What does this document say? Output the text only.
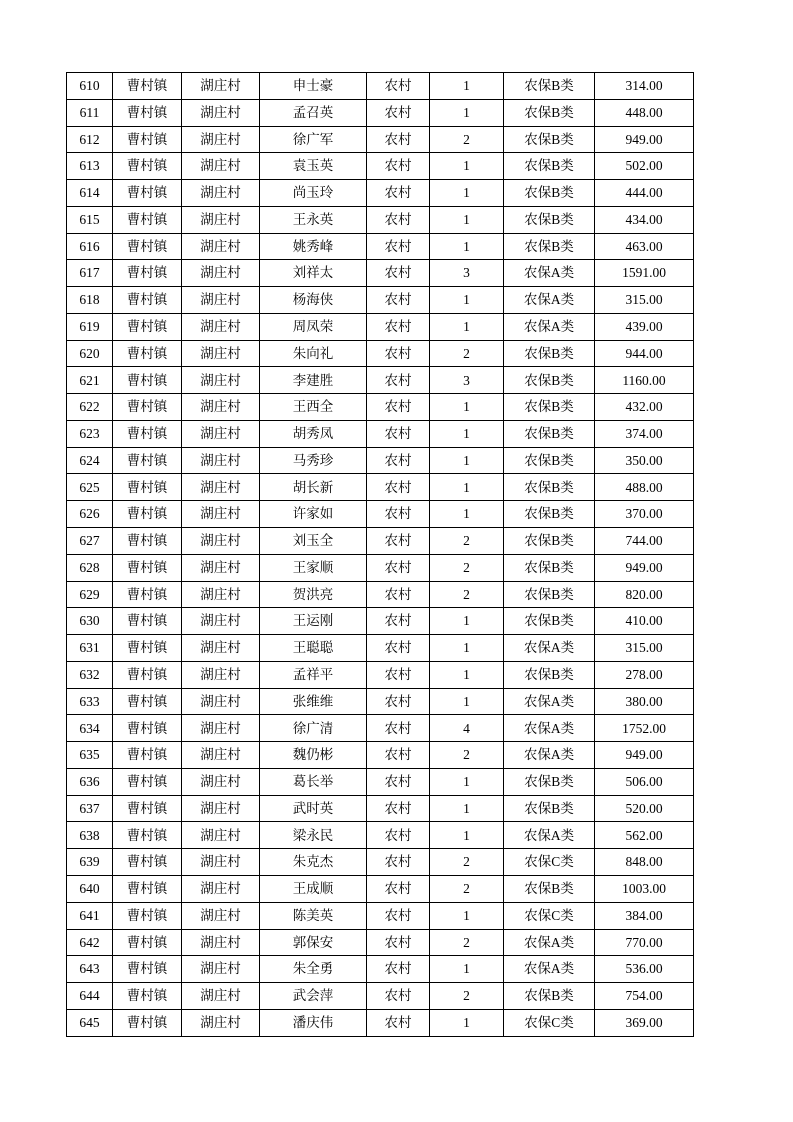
610	曹村镇	湖庄村	申士豪	农村	1	农保B类	314.00
611	曹村镇	湖庄村	孟召英	农村	1	农保B类	448.00
612	曹村镇	湖庄村	徐广军	农村	2	农保B类	949.00
613	曹村镇	湖庄村	袁玉英	农村	1	农保B类	502.00
614	曹村镇	湖庄村	尚玉玲	农村	1	农保B类	444.00
615	曹村镇	湖庄村	王永英	农村	1	农保B类	434.00
616	曹村镇	湖庄村	姚秀峰	农村	1	农保B类	463.00
617	曹村镇	湖庄村	刘祥太	农村	3	农保A类	1591.00
618	曹村镇	湖庄村	杨海侠	农村	1	农保A类	315.00
619	曹村镇	湖庄村	周凤荣	农村	1	农保A类	439.00
620	曹村镇	湖庄村	朱向礼	农村	2	农保B类	944.00
621	曹村镇	湖庄村	李建胜	农村	3	农保B类	1160.00
622	曹村镇	湖庄村	王西全	农村	1	农保B类	432.00
623	曹村镇	湖庄村	胡秀凤	农村	1	农保B类	374.00
624	曹村镇	湖庄村	马秀珍	农村	1	农保B类	350.00
625	曹村镇	湖庄村	胡长新	农村	1	农保B类	488.00
626	曹村镇	湖庄村	许家如	农村	1	农保B类	370.00
627	曹村镇	湖庄村	刘玉全	农村	2	农保B类	744.00
628	曹村镇	湖庄村	王家顺	农村	2	农保B类	949.00
629	曹村镇	湖庄村	贺洪亮	农村	2	农保B类	820.00
630	曹村镇	湖庄村	王运刚	农村	1	农保B类	410.00
631	曹村镇	湖庄村	王聪聪	农村	1	农保A类	315.00
632	曹村镇	湖庄村	孟祥平	农村	1	农保B类	278.00
633	曹村镇	湖庄村	张维维	农村	1	农保A类	380.00
634	曹村镇	湖庄村	徐广清	农村	4	农保A类	1752.00
635	曹村镇	湖庄村	魏仍彬	农村	2	农保A类	949.00
636	曹村镇	湖庄村	葛长举	农村	1	农保B类	506.00
637	曹村镇	湖庄村	武时英	农村	1	农保B类	520.00
638	曹村镇	湖庄村	梁永民	农村	1	农保A类	562.00
639	曹村镇	湖庄村	朱克杰	农村	2	农保C类	848.00
640	曹村镇	湖庄村	王成顺	农村	2	农保B类	1003.00
641	曹村镇	湖庄村	陈美英	农村	1	农保C类	384.00
642	曹村镇	湖庄村	郭保安	农村	2	农保A类	770.00
643	曹村镇	湖庄村	朱全勇	农村	1	农保A类	536.00
644	曹村镇	湖庄村	武会萍	农村	2	农保B类	754.00
645	曹村镇	湖庄村	潘庆伟	农村	1	农保C类	369.00
